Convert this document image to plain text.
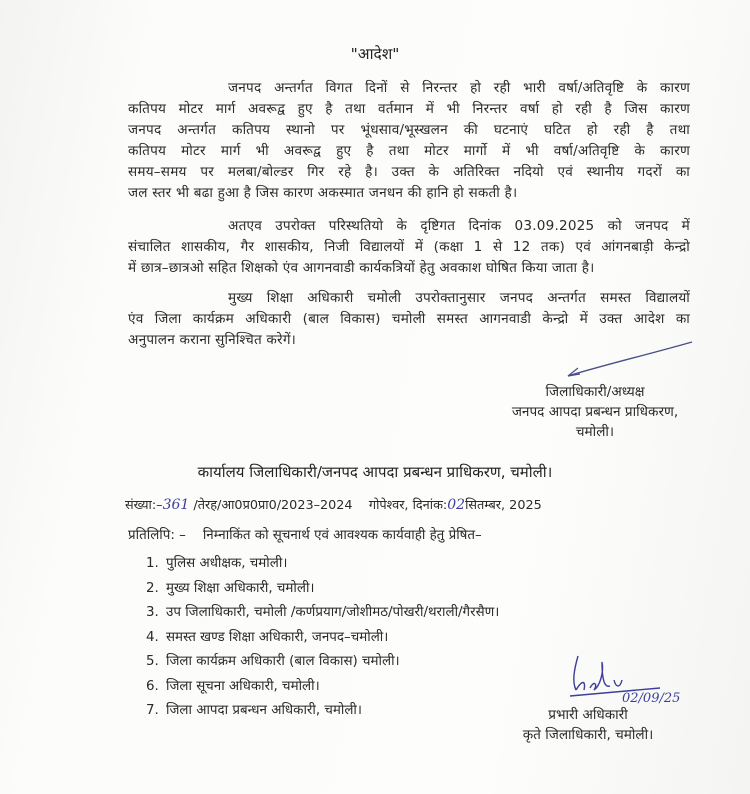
"आदेश"
जनपद अन्तर्गत विगत दिनों से निरन्तर हो रही भारी वर्षा/अतिवृष्टि के कारण
कतिपय मोटर मार्ग अवरूद्व हुए है तथा वर्तमान में भी निरन्तर वर्षा हो रही है जिस कारण
जनपद अन्तर्गत कतिपय स्थानो पर भूंधसाव/भूस्खलन की घटनाएं घटित हो रही है तथा
कतिपय मोटर मार्ग भी अवरूद्व हुए है तथा मोटर मार्गो में भी वर्षा/अतिवृष्टि के कारण
समय–समय पर मलबा/बोल्डर गिर रहे है। उक्त के अतिरिक्त नदियो एवं स्थानीय गदरों का
जल स्तर भी बढा हुआ है जिस कारण अकस्मात जनधन की हानि हो सकती है।
अतएव उपरोक्त परिस्थतियो के दृष्टिगत दिनांक 03.09.2025 को जनपद में
संचालित शासकीय, गैर शासकीय, निजी विद्यालयों में (कक्षा 1 से 12 तक) एवं आंगनबाड़ी केन्द्रो
में छात्र–छात्रओ सहित शिक्षको एंव आगनवाडी कार्यकत्रियों हेतु अवकाश घोषित किया जाता है।
मुख्य शिक्षा अधिकारी चमोली उपरोक्तानुसार जनपद अन्तर्गत समस्त विद्यालयों
एंव जिला कार्यक्रम अधिकारी (बाल विकास) चमोली समस्त आगनवाडी केन्द्रो में उक्त आदेश का
अनुपालन कराना सुनिश्चित करेगें।
जिलाधिकारी/अध्यक्ष
जनपद आपदा प्रबन्धन प्राधिकरण,
चमोली।
कार्यालय जिलाधिकारी/जनपद आपदा प्रबन्धन प्राधिकरण, चमोली।
संख्या:–361 /तेरह/आ0प्र0प्रा0/2023–2024 गोपेश्वर, दिनांक:02सितम्बर, 2025
प्रतिलिपि: – निम्नाकिंत को सूचनार्थ एवं आवश्यक कार्यवाही हेतु प्रेषित–
1. पुलिस अधीक्षक, चमोली।
2. मुख्य शिक्षा अधिकारी, चमोली।
3. उप जिलाधिकारी, चमोली /कर्णप्रयाग/जोशीमठ/पोखरी/थराली/गैरसैण।
4. समस्त खण्ड शिक्षा अधिकारी, जनपद–चमोली।
5. जिला कार्यक्रम अधिकारी (बाल विकास) चमोली।
6. जिला सूचना अधिकारी, चमोली।
7. जिला आपदा प्रबन्धन अधिकारी, चमोली।
02/09/25
प्रभारी अधिकारी
कृते जिलाधिकारी, चमोली।
